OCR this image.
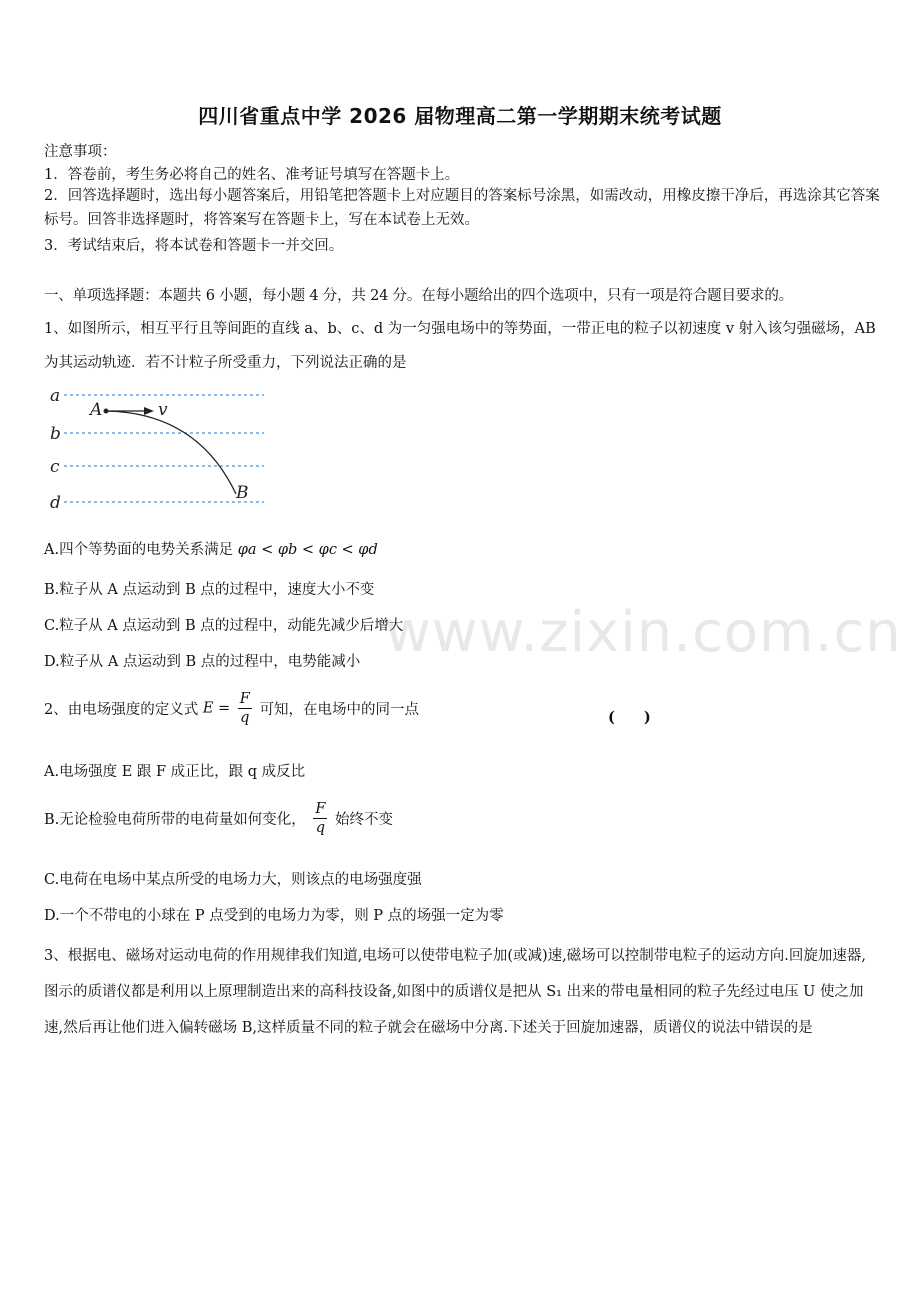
www.zixin.com.cn
四川省重点中学 2026 届物理高二第一学期期末统考试题
注意事项：
1．答卷前，考生务必将自己的姓名、准考证号填写在答题卡上。
2．回答选择题时，选出每小题答案后，用铅笔把答题卡上对应题目的答案标号涂黑，如需改动，用橡皮擦干净后，再选涂其它答案标号。回答非选择题时，将答案写在答题卡上，写在本试卷上无效。
3．考试结束后，将本试卷和答题卡一并交回。
一、单项选择题：本题共 6 小题，每小题 4 分，共 24 分。在每小题给出的四个选项中，只有一项是符合题目要求的。
1、如图所示，相互平行且等间距的直线 a、b、c、d 为一匀强电场中的等势面，一带正电的粒子以初速度 v 射入该匀强磁场，AB 为其运动轨迹．若不计粒子所受重力，下列说法正确的是
a
b
c
d
A	v
B
A.四个等势面的电势关系满足 φa < φb < φc < φd
B.粒子从 A 点运动到 B 点的过程中，速度大小不变
C.粒子从 A 点运动到 B 点的过程中，动能先减少后增大
D.粒子从 A 点运动到 B 点的过程中，电势能减小
2、由电场强度的定义式 $E = \frac{F}{q}$ 可知，在电场中的同一点	(　　)
A.电场强度 E 跟 F 成正比，跟 q 成反比
B.无论检验电荷所带的电荷量如何变化， $\frac{F}{q}$ 始终不变
C.电荷在电场中某点所受的电场力大，则该点的电场强度强
D.一个不带电的小球在 P 点受到的电场力为零，则 P 点的场强一定为零
3、根据电、磁场对运动电荷的作用规律我们知道,电场可以使带电粒子加(或减)速,磁场可以控制带电粒子的运动方向.回旋加速器,图示的质谱仪都是利用以上原理制造出来的高科技设备,如图中的质谱仪是把从 S₁ 出来的带电量相同的粒子先经过电压 U 使之加速,然后再让他们进入偏转磁场 B,这样质量不同的粒子就会在磁场中分离.下述关于回旋加速器，质谱仪的说法中错误的是
